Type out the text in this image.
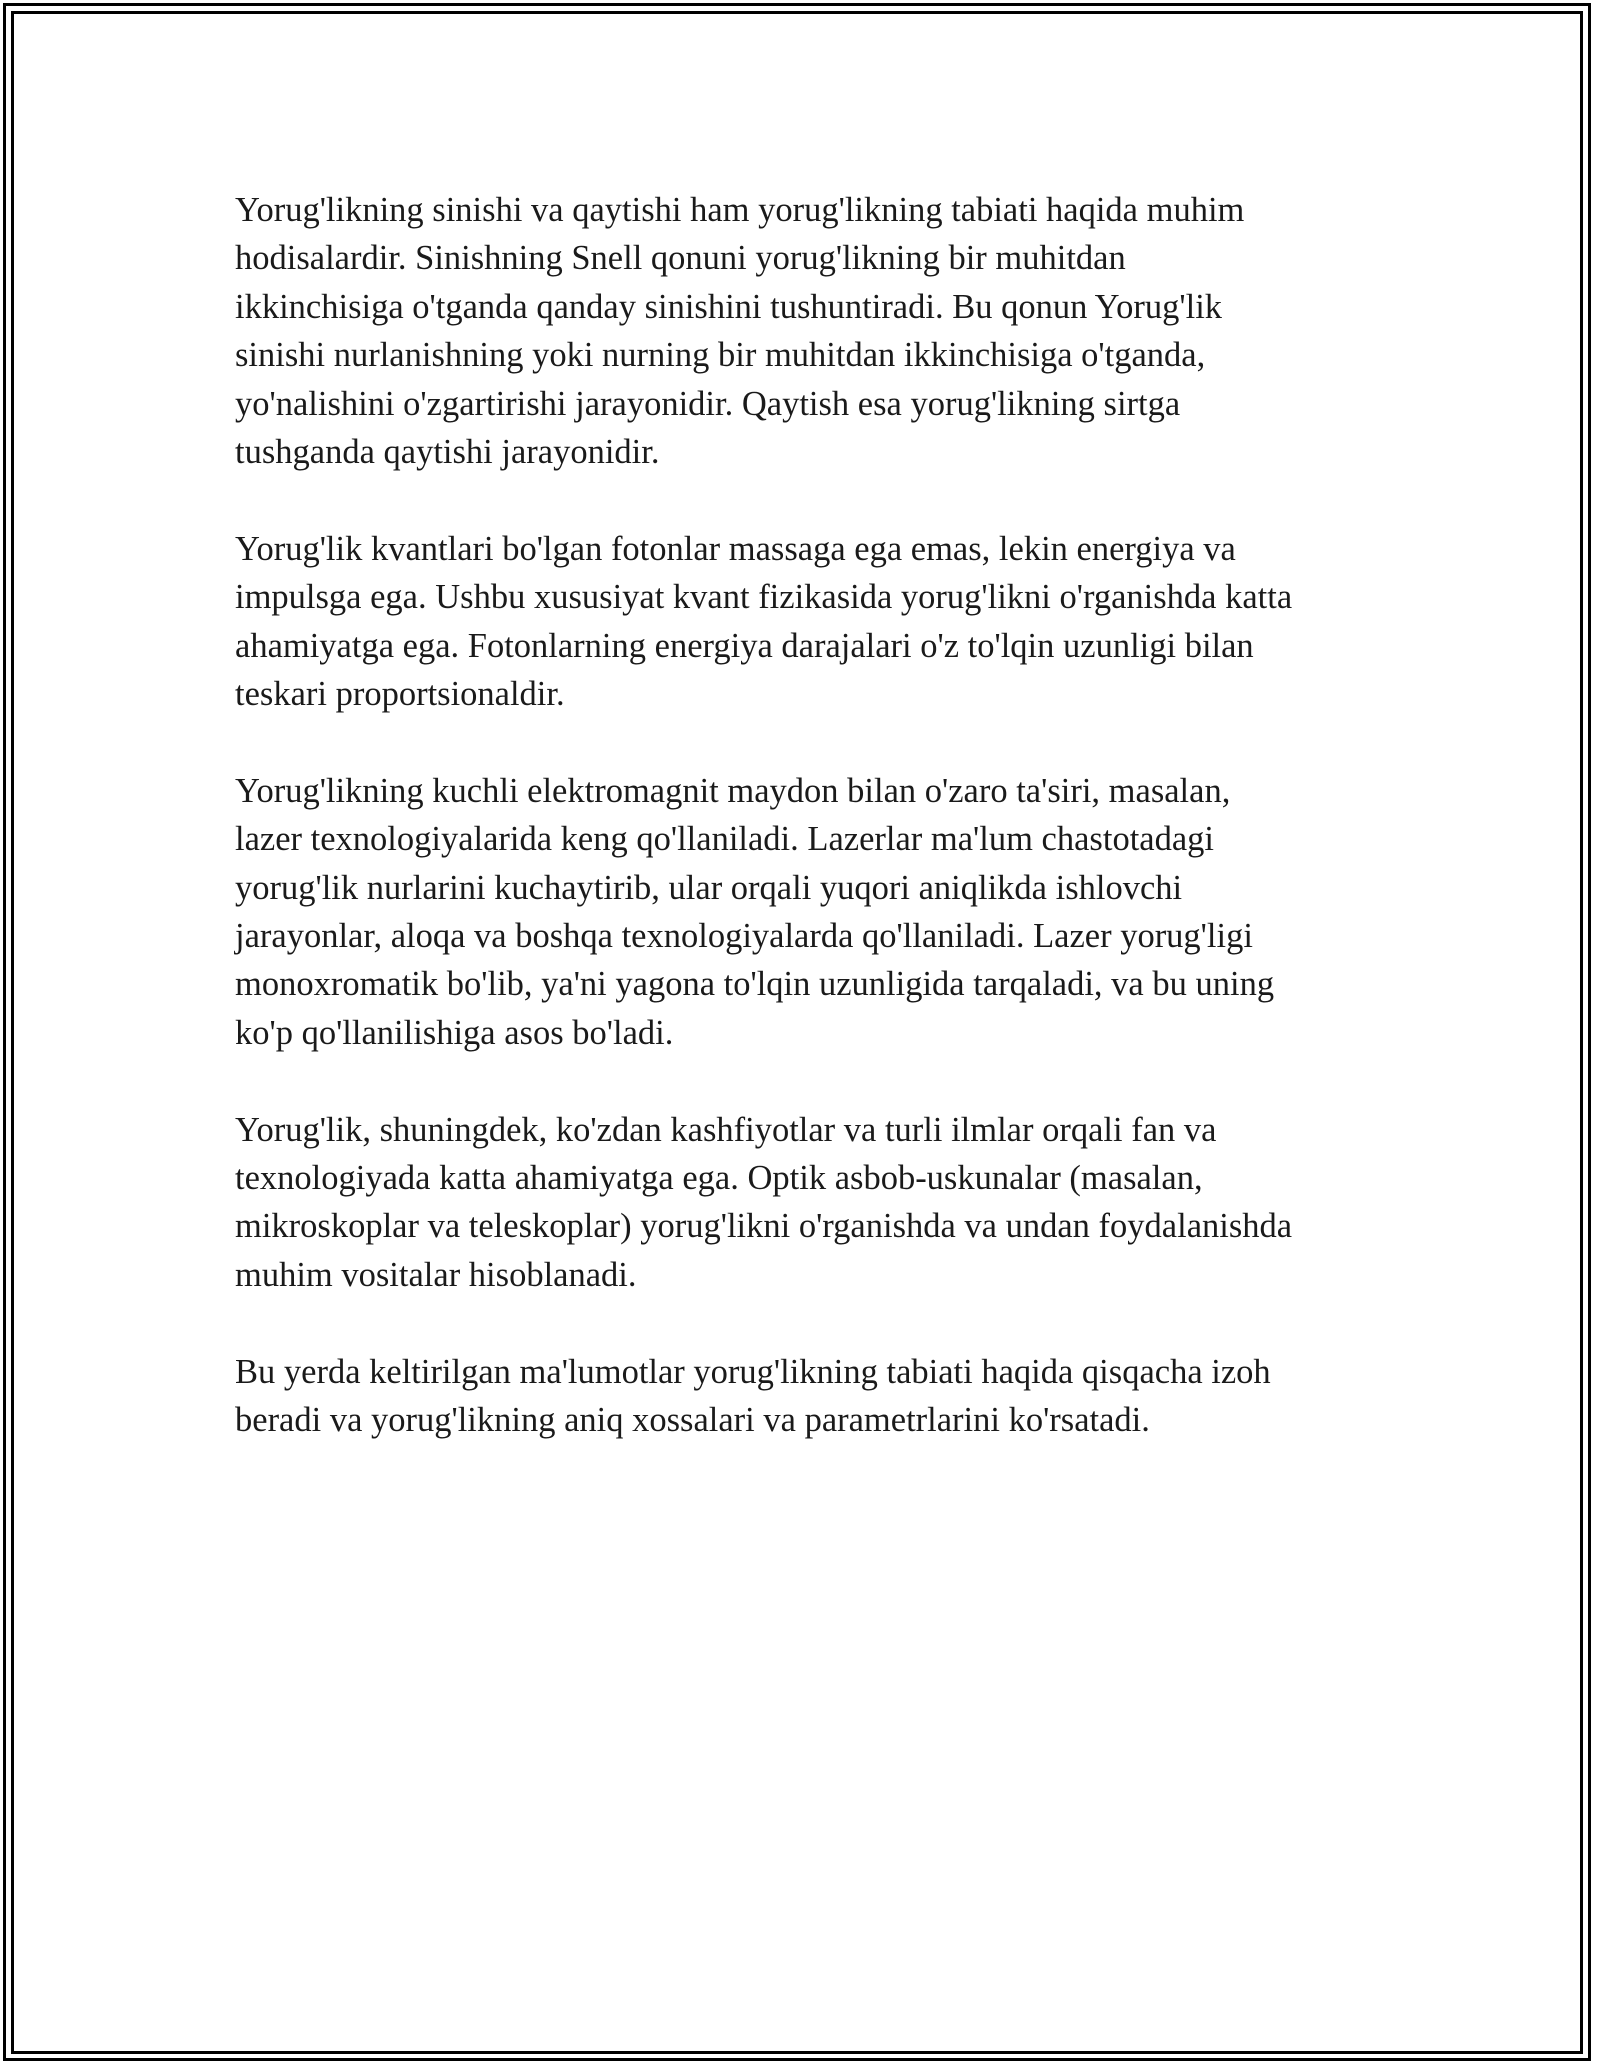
Yorug'likning sinishi va qaytishi ham yorug'likning tabiati haqida muhim
hodisalardir. Sinishning Snell qonuni yorug'likning bir muhitdan
ikkinchisiga o'tganda qanday sinishini tushuntiradi. Bu qonun Yorug'lik
sinishi nurlanishning yoki nurning bir muhitdan ikkinchisiga o'tganda,
yo'nalishini o'zgartirishi jarayonidir. Qaytish esa yorug'likning sirtga
tushganda qaytishi jarayonidir.

Yorug'lik kvantlari bo'lgan fotonlar massaga ega emas, lekin energiya va
impulsga ega. Ushbu xususiyat kvant fizikasida yorug'likni o'rganishda katta
ahamiyatga ega. Fotonlarning energiya darajalari o'z to'lqin uzunligi bilan
teskari proportsionaldir.

Yorug'likning kuchli elektromagnit maydon bilan o'zaro ta'siri, masalan,
lazer texnologiyalarida keng qo'llaniladi. Lazerlar ma'lum chastotadagi
yorug'lik nurlarini kuchaytirib, ular orqali yuqori aniqlikda ishlovchi
jarayonlar, aloqa va boshqa texnologiyalarda qo'llaniladi. Lazer yorug'ligi
monoxromatik bo'lib, ya'ni yagona to'lqin uzunligida tarqaladi, va bu uning
ko'p qo'llanilishiga asos bo'ladi.

Yorug'lik, shuningdek, ko'zdan kashfiyotlar va turli ilmlar orqali fan va
texnologiyada katta ahamiyatga ega. Optik asbob-uskunalar (masalan,
mikroskoplar va teleskoplar) yorug'likni o'rganishda va undan foydalanishda
muhim vositalar hisoblanadi.

Bu yerda keltirilgan ma'lumotlar yorug'likning tabiati haqida qisqacha izoh
beradi va yorug'likning aniq xossalari va parametrlarini ko'rsatadi.
